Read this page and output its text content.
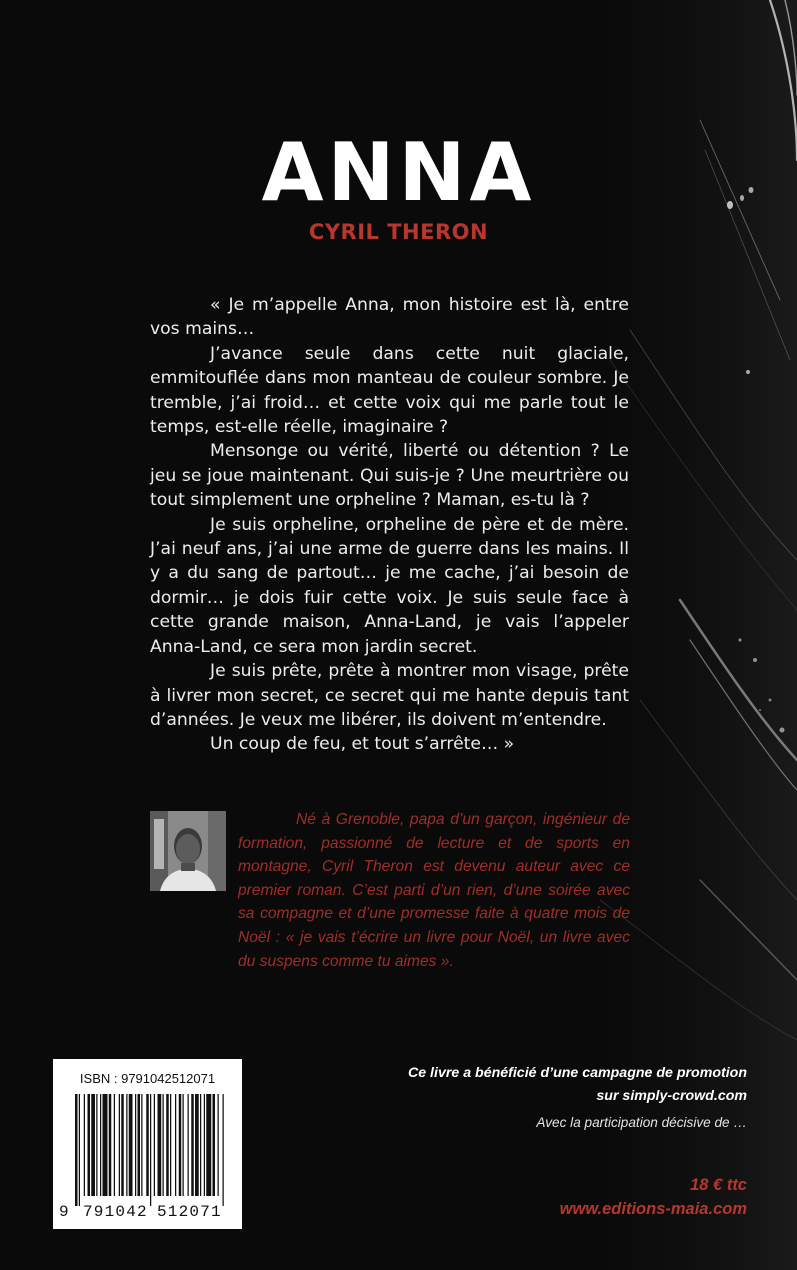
ANNA
CYRIL THERON

« Je m’appelle Anna, mon histoire est là, entre vos mains…

J’avance seule dans cette nuit glaciale, emmitouflée dans mon manteau de couleur sombre. Je tremble, j’ai froid… et cette voix qui me parle tout le temps, est-elle réelle, imaginaire ?

Mensonge ou vérité, liberté ou détention ? Le jeu se joue maintenant. Qui suis-je ? Une meurtrière ou tout simplement une orpheline ? Maman, es-tu là ?

Je suis orpheline, orpheline de père et de mère. J’ai neuf ans, j’ai une arme de guerre dans les mains. Il y a du sang de partout… je me cache, j’ai besoin de dormir… je dois fuir cette voix. Je suis seule face à cette grande maison, Anna-Land, je vais l’appeler Anna-Land, ce sera mon jardin secret.

Je suis prête, prête à montrer mon visage, prête à livrer mon secret, ce secret qui me hante depuis tant d’années. Je veux me libérer, ils doivent m’entendre.

Un coup de feu, et tout s’arrête… »

Né à Grenoble, papa d’un garçon, ingénieur de formation, passionné de lecture et de sports en montagne, Cyril Theron est devenu auteur avec ce premier roman. C’est parti d’un rien, d’une soirée avec sa compagne et d’une promesse faite à quatre mois de Noël : « je vais t’écrire un livre pour Noël, un livre avec du suspens comme tu aimes ».
ISBN : 9791042512071
9 791042 512071
Ce livre a bénéficié d’une campagne de promotion
sur simply-crowd.com
Avec la participation décisive de …
18 € ttc
www.editions-maia.com
